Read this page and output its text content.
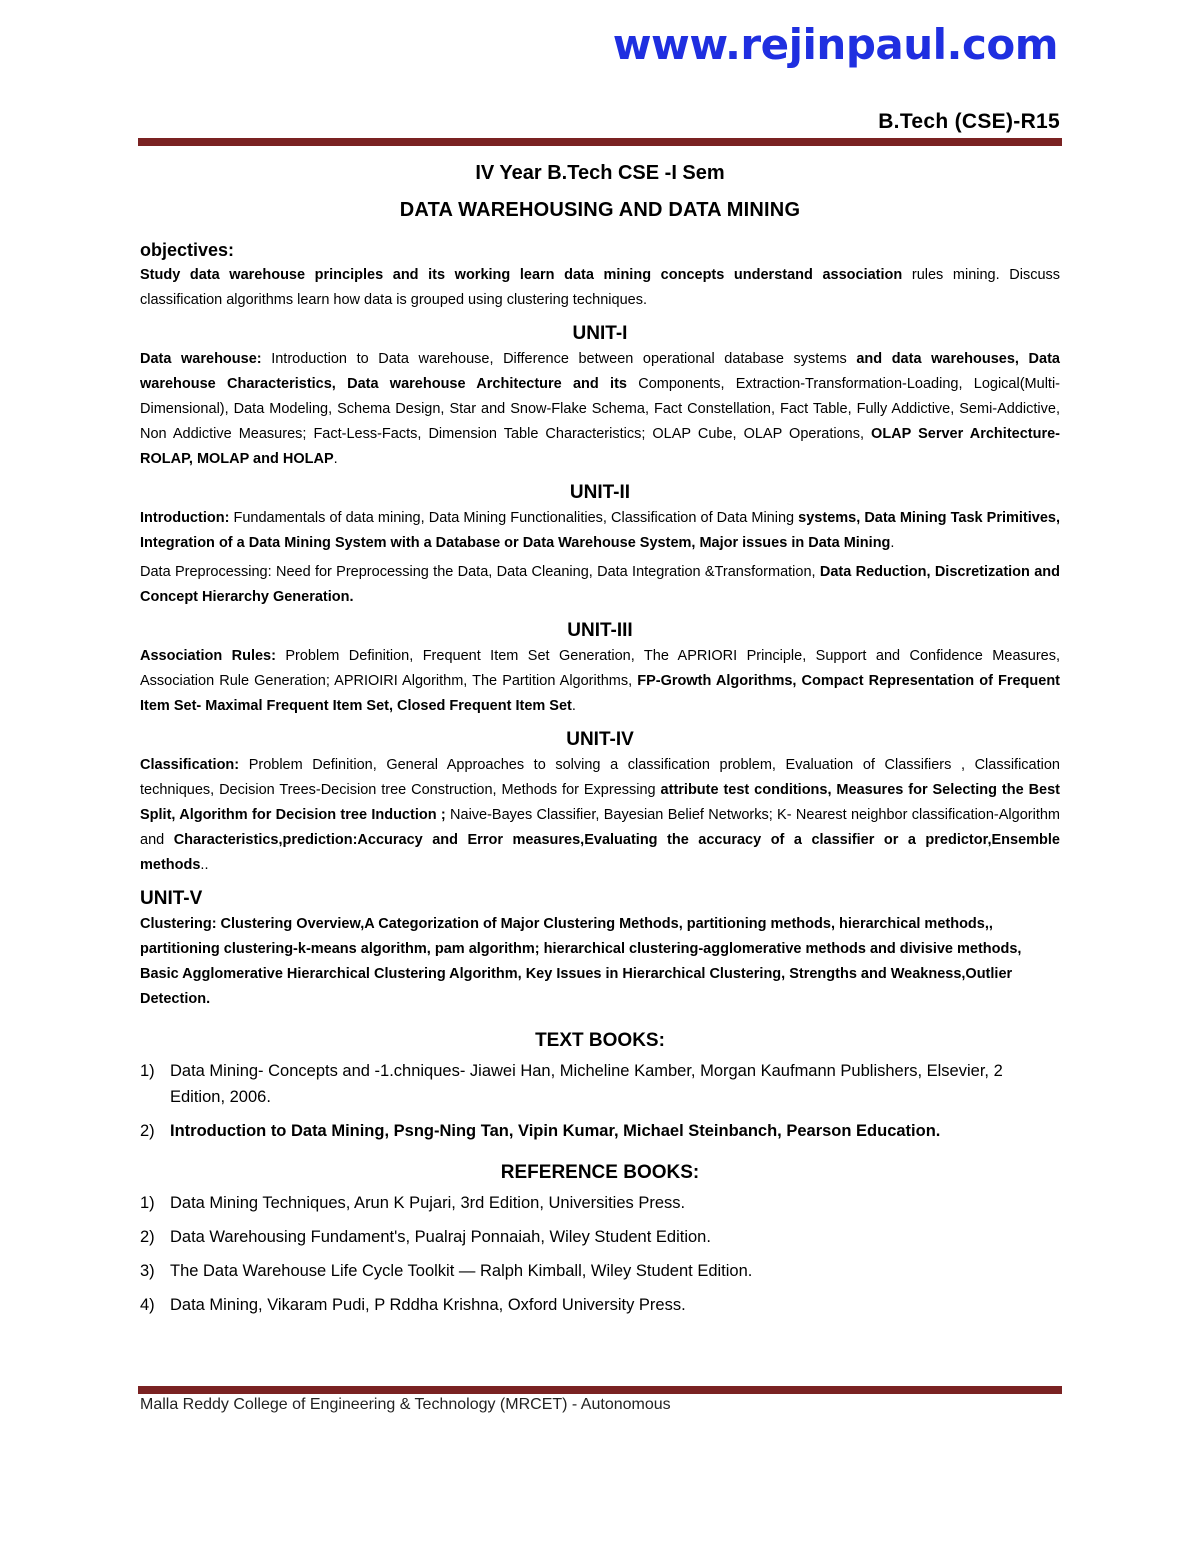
www.rejinpaul.com
B.Tech (CSE)-R15
IV Year B.Tech CSE -I Sem
DATA WAREHOUSING AND DATA MINING
objectives:

Study data warehouse principles and its working learn data mining concepts understand association rules mining. Discuss classification algorithms learn how data is grouped using clustering techniques.

UNIT-I

Data warehouse: Introduction to Data warehouse, Difference between operational database systems and data warehouses, Data warehouse Characteristics, Data warehouse Architecture and its Components, Extraction-Transformation-Loading, Logical(Multi-Dimensional), Data Modeling, Schema Design, Star and Snow-Flake Schema, Fact Constellation, Fact Table, Fully Addictive, Semi-Addictive, Non Addictive Measures; Fact-Less-Facts, Dimension Table Characteristics; OLAP Cube, OLAP Operations, OLAP Server Architecture-ROLAP, MOLAP and HOLAP.

UNIT-II

Introduction: Fundamentals of data mining, Data Mining Functionalities, Classification of Data Mining systems, Data Mining Task Primitives, Integration of a Data Mining System with a Database or Data Warehouse System, Major issues in Data Mining.

Data Preprocessing: Need for Preprocessing the Data, Data Cleaning, Data Integration &Transformation, Data Reduction, Discretization and Concept Hierarchy Generation.

UNIT-III

Association Rules: Problem Definition, Frequent Item Set Generation, The APRIORI Principle, Support and Confidence Measures, Association Rule Generation; APRIOIRI Algorithm, The Partition Algorithms, FP-Growth Algorithms, Compact Representation of Frequent Item Set- Maximal Frequent Item Set, Closed Frequent Item Set.

UNIT-IV

Classification: Problem Definition, General Approaches to solving a classification problem, Evaluation of Classifiers , Classification techniques, Decision Trees-Decision tree Construction, Methods for Expressing attribute test conditions, Measures for Selecting the Best Split, Algorithm for Decision tree Induction ; Naive-Bayes Classifier, Bayesian Belief Networks; K- Nearest neighbor classification-Algorithm and Characteristics,prediction:Accuracy and Error measures,Evaluating the accuracy of a classifier or a predictor,Ensemble methods..

UNIT-V

Clustering: Clustering Overview,A Categorization of Major Clustering Methods, partitioning methods, hierarchical methods,, partitioning clustering-k-means algorithm, pam algorithm; hierarchical clustering-agglomerative methods and divisive methods, Basic Agglomerative Hierarchical Clustering Algorithm, Key Issues in Hierarchical Clustering, Strengths and Weakness,Outlier Detection.

TEXT BOOKS:
1) Data Mining- Concepts and -1.chniques- Jiawei Han, Micheline Kamber, Morgan Kaufmann Publishers, Elsevier, 2 Edition, 2006.
2) Introduction to Data Mining, Psng-Ning Tan, Vipin Kumar, Michael Steinbanch, Pearson Education.
REFERENCE BOOKS:
1) Data Mining Techniques, Arun K Pujari, 3rd Edition, Universities Press.
2) Data Warehousing Fundament's, Pualraj Ponnaiah, Wiley Student Edition.
3) The Data Warehouse Life Cycle Toolkit — Ralph Kimball, Wiley Student Edition.
4) Data Mining, Vikaram Pudi, P Rddha Krishna, Oxford University Press.
Malla Reddy College of Engineering & Technology (MRCET) - Autonomous
